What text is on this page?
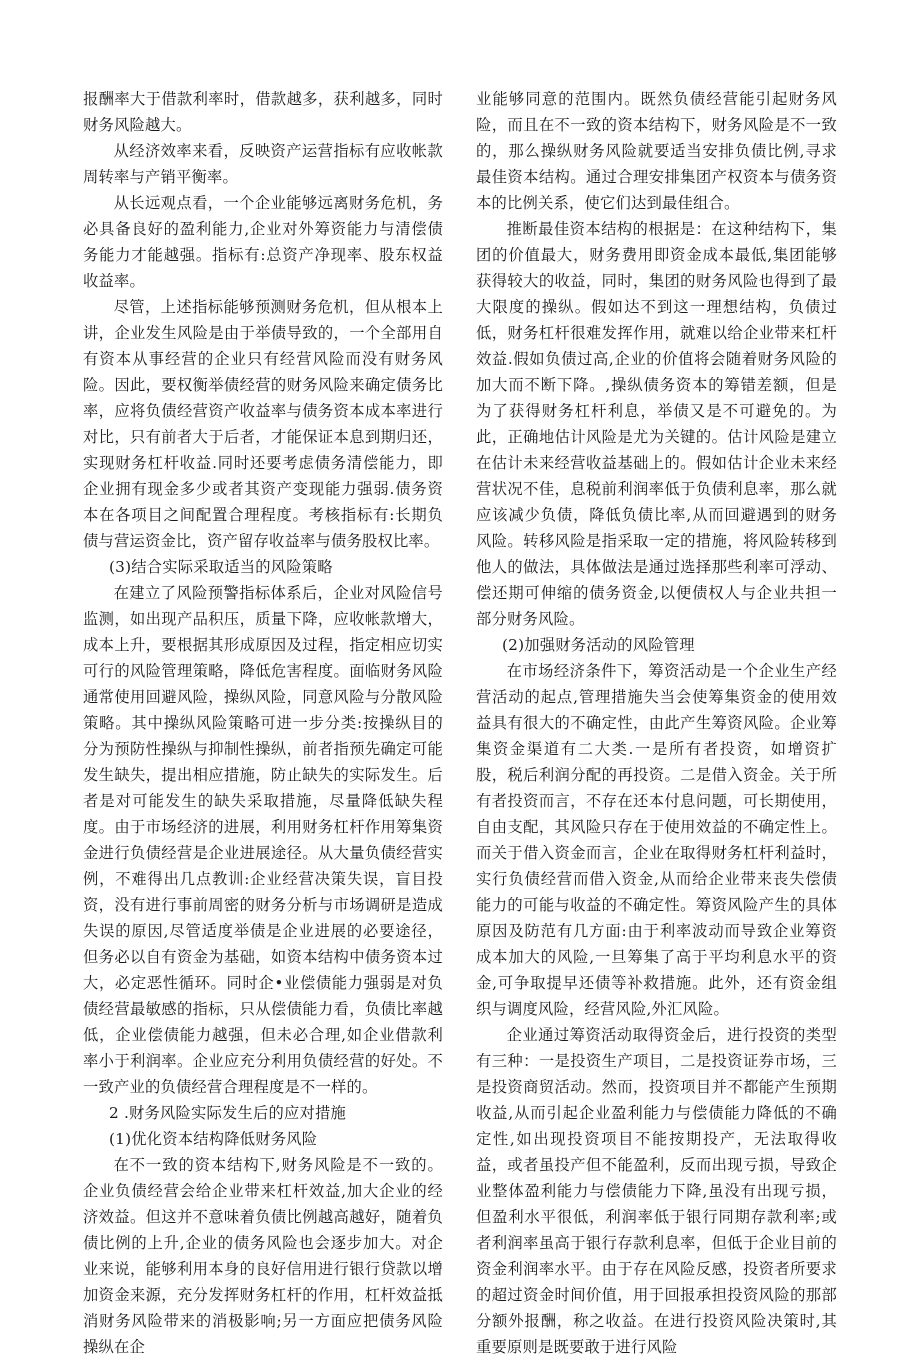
报酬率大于借款利率时，借款越多，获利越多，同时财务风险越大。

从经济效率来看，反映资产运营指标有应收帐款周转率与产销平衡率。

从长远观点看，一个企业能够远离财务危机，务必具备良好的盈利能力,企业对外筹资能力与清偿债务能力才能越强。指标有:总资产净现率、股东权益收益率。

尽管，上述指标能够预测财务危机，但从根本上讲，企业发生风险是由于举债导致的，一个全部用自有资本从事经营的企业只有经营风险而没有财务风险。因此，要权衡举债经营的财务风险来确定债务比率，应将负债经营资产收益率与债务资本成本率进行对比，只有前者大于后者，才能保证本息到期归还，实现财务杠杆收益.同时还要考虑债务清偿能力，即企业拥有现金多少或者其资产变现能力强弱.债务资本在各项目之间配置合理程度。考核指标有:长期负债与营运资金比，资产留存收益率与债务股权比率。

(3)结合实际采取适当的风险策略

在建立了风险预警指标体系后，企业对风险信号监测，如出现产品积压，质量下降，应收帐款增大，成本上升，要根据其形成原因及过程，指定相应切实可行的风险管理策略，降低危害程度。面临财务风险通常使用回避风险，操纵风险，同意风险与分散风险策略。其中操纵风险策略可进一步分类:按操纵目的分为预防性操纵与抑制性操纵，前者指预先确定可能发生缺失，提出相应措施，防止缺失的实际发生。后者是对可能发生的缺失采取措施，尽量降低缺失程度。由于市场经济的进展，利用财务杠杆作用筹集资金进行负债经营是企业进展途径。从大量负债经营实例，不难得出几点教训:企业经营决策失误，盲目投资，没有进行事前周密的财务分析与市场调研是造成失误的原因,尽管适度举债是企业进展的必要途径，但务必以自有资金为基础，如资本结构中债务资本过大，必定恶性循环。同时企•业偿债能力强弱是对负债经营最敏感的指标，只从偿债能力看，负债比率越低，企业偿债能力越强，但未必合理,如企业借款利率小于利润率。企业应充分利用负债经营的好处。不一致产业的负债经营合理程度是不一样的。

2 .财务风险实际发生后的应对措施

(1)优化资本结构降低财务风险

在不一致的资本结构下,财务风险是不一致的。企业负债经营会给企业带来杠杆效益,加大企业的经济效益。但这并不意味着负债比例越高越好，随着负债比例的上升,企业的债务风险也会逐步加大。对企业来说，能够利用本身的良好信用进行银行贷款以增加资金来源，充分发挥财务杠杆的作用，杠杆效益抵消财务风险带来的消极影响;另一方面应把债务风险操纵在企

业能够同意的范围内。既然负债经营能引起财务风险，而且在不一致的资本结构下，财务风险是不一致的，那么操纵财务风险就要适当安排负债比例,寻求最佳资本结构。通过合理安排集团产权资本与债务资本的比例关系，使它们达到最佳组合。

推断最佳资本结构的根据是：在这种结构下，集团的价值最大，财务费用即资金成本最低,集团能够获得较大的收益，同时，集团的财务风险也得到了最大限度的操纵。假如达不到这一理想结构，负债过低，财务杠杆很难发挥作用，就难以给企业带来杠杆效益.假如负债过高,企业的价值将会随着财务风险的加大而不断下降。,操纵债务资本的筹错差额，但是为了获得财务杠杆利息，举债又是不可避免的。为此，正确地估计风险是尤为关键的。估计风险是建立在估计未来经营收益基础上的。假如估计企业未来经营状况不佳，息税前利润率低于负债利息率，那么就应该减少负债，降低负债比率,从而回避遇到的财务风险。转移风险是指采取一定的措施，将风险转移到他人的做法，具体做法是通过选择那些利率可浮动、偿还期可伸缩的债务资金,以便债权人与企业共担一部分财务风险。

(2)加强财务活动的风险管理

在市场经济条件下，筹资活动是一个企业生产经营活动的起点,管理措施失当会使筹集资金的使用效益具有很大的不确定性，由此产生筹资风险。企业筹集资金渠道有二大类.一是所有者投资，如增资扩股，税后利润分配的再投资。二是借入资金。关于所有者投资而言，不存在还本付息问题，可长期使用，自由支配，其风险只存在于使用效益的不确定性上。而关于借入资金而言，企业在取得财务杠杆利益时，实行负债经营而借入资金,从而给企业带来丧失偿债能力的可能与收益的不确定性。筹资风险产生的具体原因及防范有几方面:由于利率波动而导致企业筹资成本加大的风险,一旦筹集了高于平均利息水平的资金,可争取提早还债等补救措施。此外，还有资金组织与调度风险，经营风险,外汇风险。

企业通过筹资活动取得资金后，进行投资的类型有三种：一是投资生产项目，二是投资证券市场，三是投资商贸活动。然而，投资项目并不都能产生预期收益,从而引起企业盈利能力与偿债能力降低的不确定性,如出现投资项目不能按期投产，无法取得收益，或者虽投产但不能盈利，反而出现亏损，导致企业整体盈利能力与偿债能力下降,虽没有出现亏损，但盈利水平很低，利润率低于银行同期存款利率;或者利润率虽高于银行存款利息率，但低于企业目前的资金利润率水平。由于存在风险反感，投资者所要求的超过资金时间价值，用于回报承担投资风险的那部分额外报酬，称之收益。在进行投资风险决策时,其重要原则是既要敢于进行风险
